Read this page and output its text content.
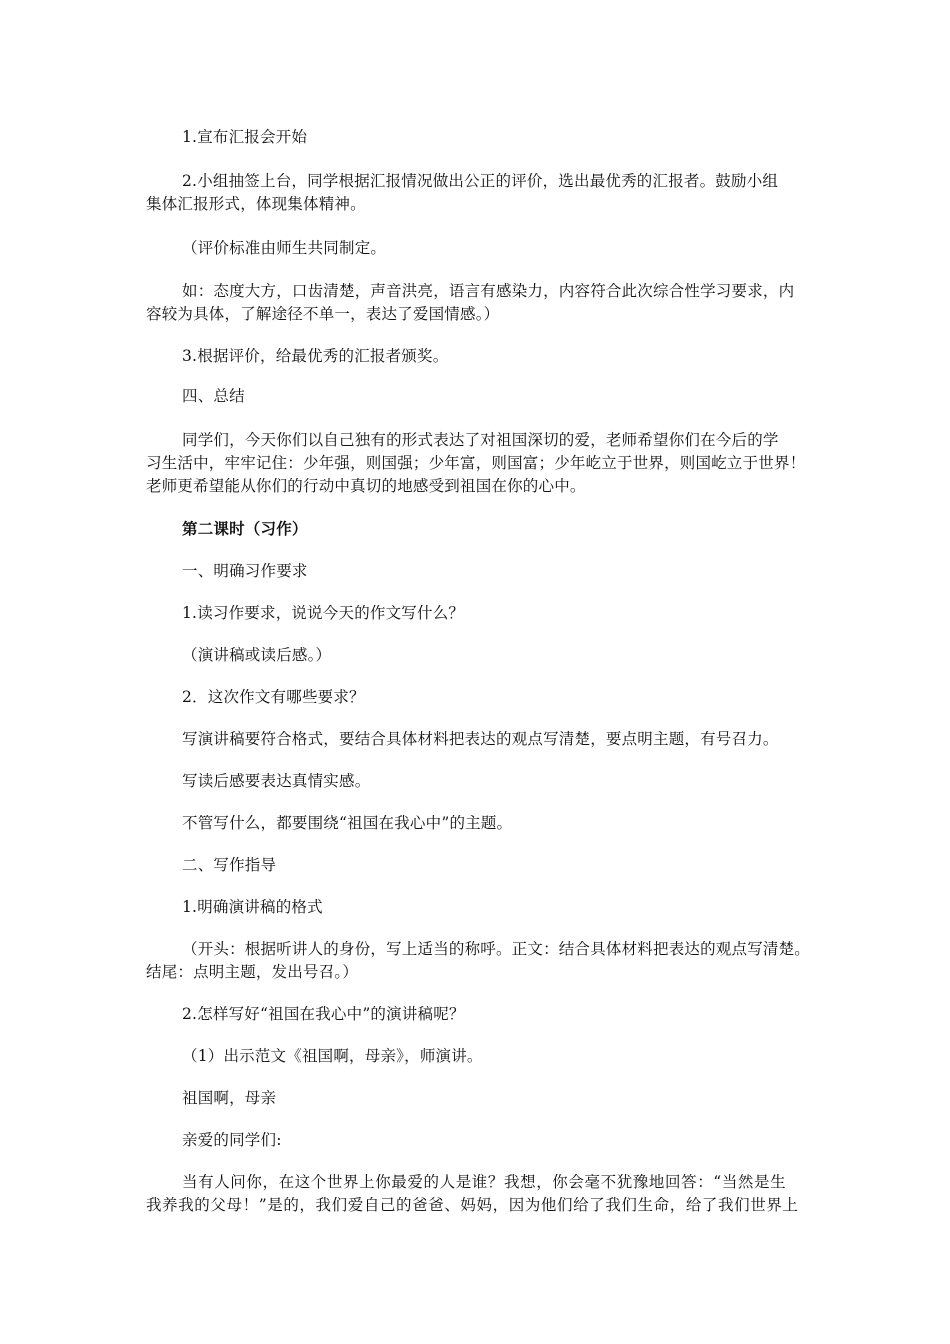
1.宣布汇报会开始
2.小组抽签上台，同学根据汇报情况做出公正的评价，选出最优秀的汇报者。鼓励小组
集体汇报形式，体现集体精神。
（评价标准由师生共同制定。
如：态度大方，口齿清楚，声音洪亮，语言有感染力，内容符合此次综合性学习要求，内
容较为具体，了解途径不单一，表达了爱国情感。）
3.根据评价，给最优秀的汇报者颁奖。
四、总结
同学们，今天你们以自己独有的形式表达了对祖国深切的爱，老师希望你们在今后的学
习生活中，牢牢记住：少年强，则国强；少年富，则国富；少年屹立于世界，则国屹立于世界！
老师更希望能从你们的行动中真切的地感受到祖国在你的心中。
第二课时（习作）
一、明确习作要求
1.读习作要求，说说今天的作文写什么？
（演讲稿或读后感。）
2．这次作文有哪些要求？
写演讲稿要符合格式，要结合具体材料把表达的观点写清楚，要点明主题，有号召力。
写读后感要表达真情实感。
不管写什么，都要围绕“祖国在我心中”的主题。
二、写作指导
1.明确演讲稿的格式
（开头：根据听讲人的身份，写上适当的称呼。正文：结合具体材料把表达的观点写清楚。
结尾：点明主题，发出号召。）
2.怎样写好“祖国在我心中”的演讲稿呢？
（1）出示范文《祖国啊，母亲》，师演讲。
祖国啊，母亲
亲爱的同学们:
当有人问你，在这个世界上你最爱的人是谁？我想，你会毫不犹豫地回答：“当然是生
我养我的父母！”是的，我们爱自己的爸爸、妈妈，因为他们给了我们生命，给了我们世界上
